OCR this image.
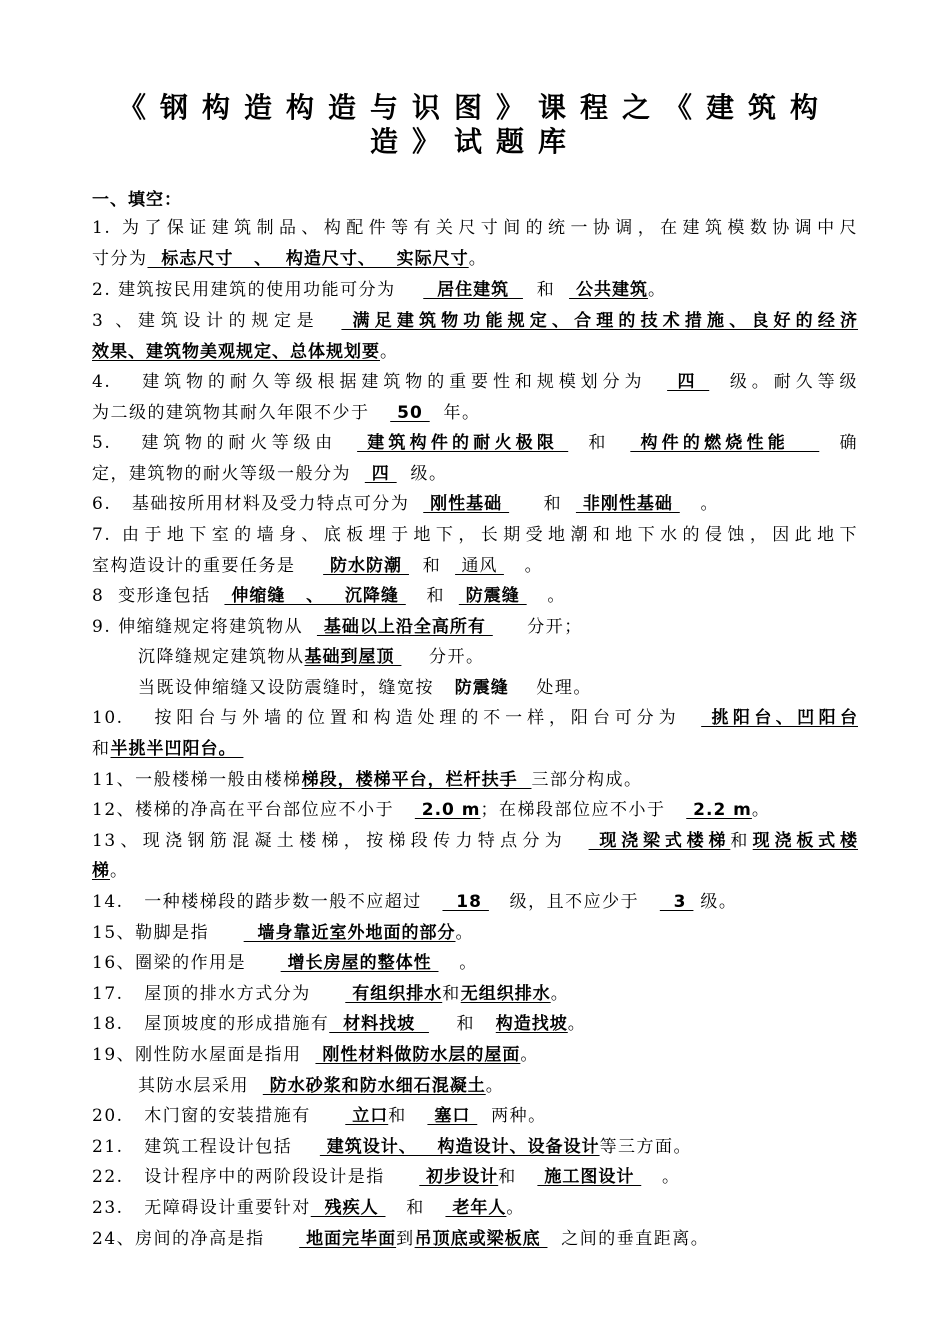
《钢构造构造与识图》课程之《建筑构
造》试题库
一、填空：
1. 为了保证建筑制品、构配件等有关尺寸间的统一协调，在建筑模数协调中尺
寸分为  标志尺寸   、  构造尺寸、   实际尺寸。
2. 建筑按民用建筑的使用功能可分为      居住建筑    和   公共建筑。
3 、建筑设计的规定是   满足建筑物功能规定、合理的技术措施、良好的经济
效果、建筑物美观规定、总体规划要。
4.   建筑物的耐久等级根据建筑物的重要性和规模划分为   四   级。耐久等级
为二级的建筑物其耐久年限不少于    50   年。
5.   建筑物的耐火等级由   建筑构件的耐火极限   和   构件的燃烧性能     确
定，建筑物的耐火等级一般分为   四   级。
6.   基础按所用材料及受力特点可分为   刚性基础      和   非刚性基础    。
7. 由于地下室的墙身、底板埋于地下，长期受地潮和地下水的侵蚀，因此地下
室构造设计的重要任务是     防水防潮   和   通风    。
8  变形逢包括   伸缩缝   、   沉降缝    和   防震缝    。
9. 伸缩缝规定将建筑物从   基础以上沿全高所有      分开；
沉降缝规定建筑物从基础到屋顶     分开。
当既设伸缩缝又设防震缝时，缝宽按   防震缝    处理。
10.   按阳台与外墙的位置和构造处理的不一样，阳台可分为   挑阳台、凹阳台
和半挑半凹阳台。
11、一般楼梯一般由楼梯梯段，楼梯平台，栏杆扶手  三部分构成。
12、楼梯的净高在平台部位应不小于    2.0 m；在梯段部位应不小于    2.2 m。
13、现浇钢筋混凝土楼梯，按梯段传力特点分为   现浇梁式楼梯和现浇板式楼
梯。
14.   一种楼梯段的踏步数一般不应超过     18    级，且不应少于     3  级。
15、勒脚是指       墙身靠近室外地面的部分。
16、圈梁的作用是      增长房屋的整体性    。
17.   屋顶的排水方式分为      有组织排水和无组织排水。
18.   屋顶坡度的形成措施有  材料找坡      和   构造找坡。
19、刚性防水屋面是指用   刚性材料做防水层的屋面。
其防水层采用   防水砂浆和防水细石混凝土。
20.   木门窗的安装措施有      立口和    塞口   两种。
21.   建筑工程设计包括     建筑设计、   构造设计、设备设计等三方面。
22.   设计程序中的两阶段设计是指      初步设计和    施工图设计    。
23.   无障碍设计重要针对  残疾人    和    老年人。
24、房间的净高是指      地面完毕面到吊顶底或梁板底   之间的垂直距离。
